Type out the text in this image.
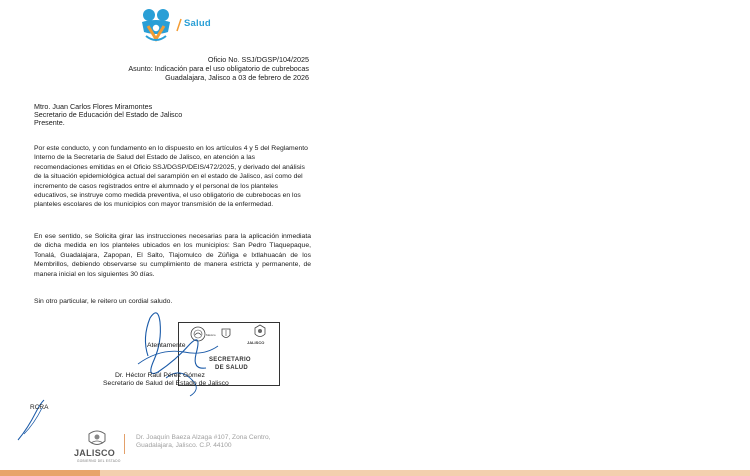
Salud
Oficio No. SSJ/DGSP/104/2025
Asunto: Indicación para el uso obligatorio de cubrebocas
Guadalajara, Jalisco a 03 de febrero de 2026
Mtro. Juan Carlos Flores Miramontes
Secretario de Educación del Estado de Jalisco
Presente.
Por este conducto, y con fundamento en lo dispuesto en los artículos 4 y 5 del Reglamento Interno de la Secretaría de Salud del Estado de Jalisco, en atención a las recomendaciones emitidas en el Oficio SSJ/DGSP/DEIS/472/2025, y derivado del análisis de la situación epidemiológica actual del sarampión en el estado de Jalisco, así como del incremento de casos registrados entre el alumnado y el personal de los planteles educativos, se instruye como medida preventiva, el uso obligatorio de cubrebocas en los planteles escolares de los municipios con mayor transmisión de la enfermedad.
En ese sentido, se Solicita girar las instrucciones necesarias para la aplicación inmediata de dicha medida en los planteles ubicados en los municipios: San Pedro Tlaquepaque, Tonalá, Guadalajara, Zapopan, El Salto, Tlajomulco de Zúñiga e Ixtlahuacán de los Membrillos, debiendo observarse su cumplimiento de manera estricta y permanente, de manera inicial en los siguientes 30 días.
Sin otro particular, le reitero un cordial saludo.
México
JALISCO
SECRETARIO
DE SALUD
Atentamente
Dr. Héctor Raúl Pérez Gómez
Secretario de Salud del Estado de Jalisco
RCRA
JALISCO
GOBIERNO DEL ESTADO
Dr. Joaquín Baeza Alzaga #107, Zona Centro,
Guadalajara, Jalisco. C.P. 44100
